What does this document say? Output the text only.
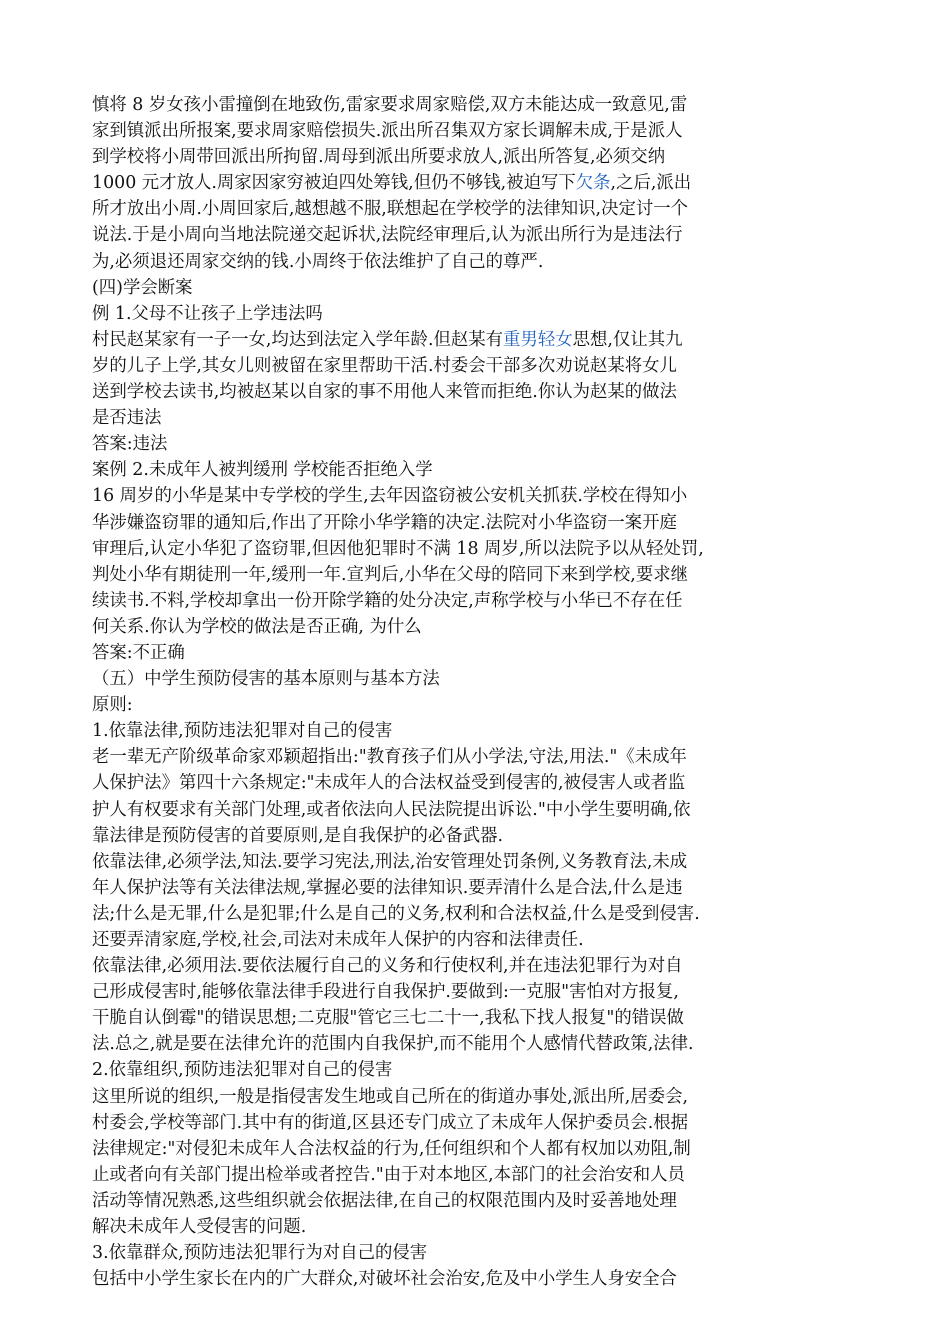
慎将 8 岁女孩小雷撞倒在地致伤,雷家要求周家赔偿,双方未能达成一致意见,雷
家到镇派出所报案,要求周家赔偿损失.派出所召集双方家长调解未成,于是派人
到学校将小周带回派出所拘留.周母到派出所要求放人,派出所答复,必须交纳
1000 元才放人.周家因家穷被迫四处筹钱,但仍不够钱,被迫写下欠条,之后,派出
所才放出小周.小周回家后,越想越不服,联想起在学校学的法律知识,决定讨一个
说法.于是小周向当地法院递交起诉状,法院经审理后,认为派出所行为是违法行
为,必须退还周家交纳的钱.小周终于依法维护了自己的尊严.
(四)学会断案
例 1.父母不让孩子上学违法吗
村民赵某家有一子一女,均达到法定入学年龄.但赵某有重男轻女思想,仅让其九
岁的儿子上学,其女儿则被留在家里帮助干活.村委会干部多次劝说赵某将女儿
送到学校去读书,均被赵某以自家的事不用他人来管而拒绝.你认为赵某的做法
是否违法
答案:违法
案例 2.未成年人被判缓刑 学校能否拒绝入学
16 周岁的小华是某中专学校的学生,去年因盗窃被公安机关抓获.学校在得知小
华涉嫌盗窃罪的通知后,作出了开除小华学籍的决定.法院对小华盗窃一案开庭
审理后,认定小华犯了盗窃罪,但因他犯罪时不满 18 周岁,所以法院予以从轻处罚,
判处小华有期徒刑一年,缓刑一年.宣判后,小华在父母的陪同下来到学校,要求继
续读书.不料,学校却拿出一份开除学籍的处分决定,声称学校与小华已不存在任
何关系.你认为学校的做法是否正确, 为什么
答案:不正确
（五）中学生预防侵害的基本原则与基本方法
原则:
1.依靠法律,预防违法犯罪对自己的侵害
老一辈无产阶级革命家邓颖超指出:"教育孩子们从小学法,守法,用法."《未成年
人保护法》第四十六条规定:"未成年人的合法权益受到侵害的,被侵害人或者监
护人有权要求有关部门处理,或者依法向人民法院提出诉讼."中小学生要明确,依
靠法律是预防侵害的首要原则,是自我保护的必备武器.
依靠法律,必须学法,知法.要学习宪法,刑法,治安管理处罚条例,义务教育法,未成
年人保护法等有关法律法规,掌握必要的法律知识.要弄清什么是合法,什么是违
法;什么是无罪,什么是犯罪;什么是自己的义务,权利和合法权益,什么是受到侵害.
还要弄清家庭,学校,社会,司法对未成年人保护的内容和法律责任.
依靠法律,必须用法.要依法履行自己的义务和行使权利,并在违法犯罪行为对自
己形成侵害时,能够依靠法律手段进行自我保护.要做到:一克服"害怕对方报复,
干脆自认倒霉"的错误思想;二克服"管它三七二十一,我私下找人报复"的错误做
法.总之,就是要在法律允许的范围内自我保护,而不能用个人感情代替政策,法律.
2.依靠组织,预防违法犯罪对自己的侵害
这里所说的组织,一般是指侵害发生地或自己所在的街道办事处,派出所,居委会,
村委会,学校等部门.其中有的街道,区县还专门成立了未成年人保护委员会.根据
法律规定:"对侵犯未成年人合法权益的行为,任何组织和个人都有权加以劝阻,制
止或者向有关部门提出检举或者控告."由于对本地区,本部门的社会治安和人员
活动等情况熟悉,这些组织就会依据法律,在自己的权限范围内及时妥善地处理
解决未成年人受侵害的问题.
3.依靠群众,预防违法犯罪行为对自己的侵害
包括中小学生家长在内的广大群众,对破坏社会治安,危及中小学生人身安全合
